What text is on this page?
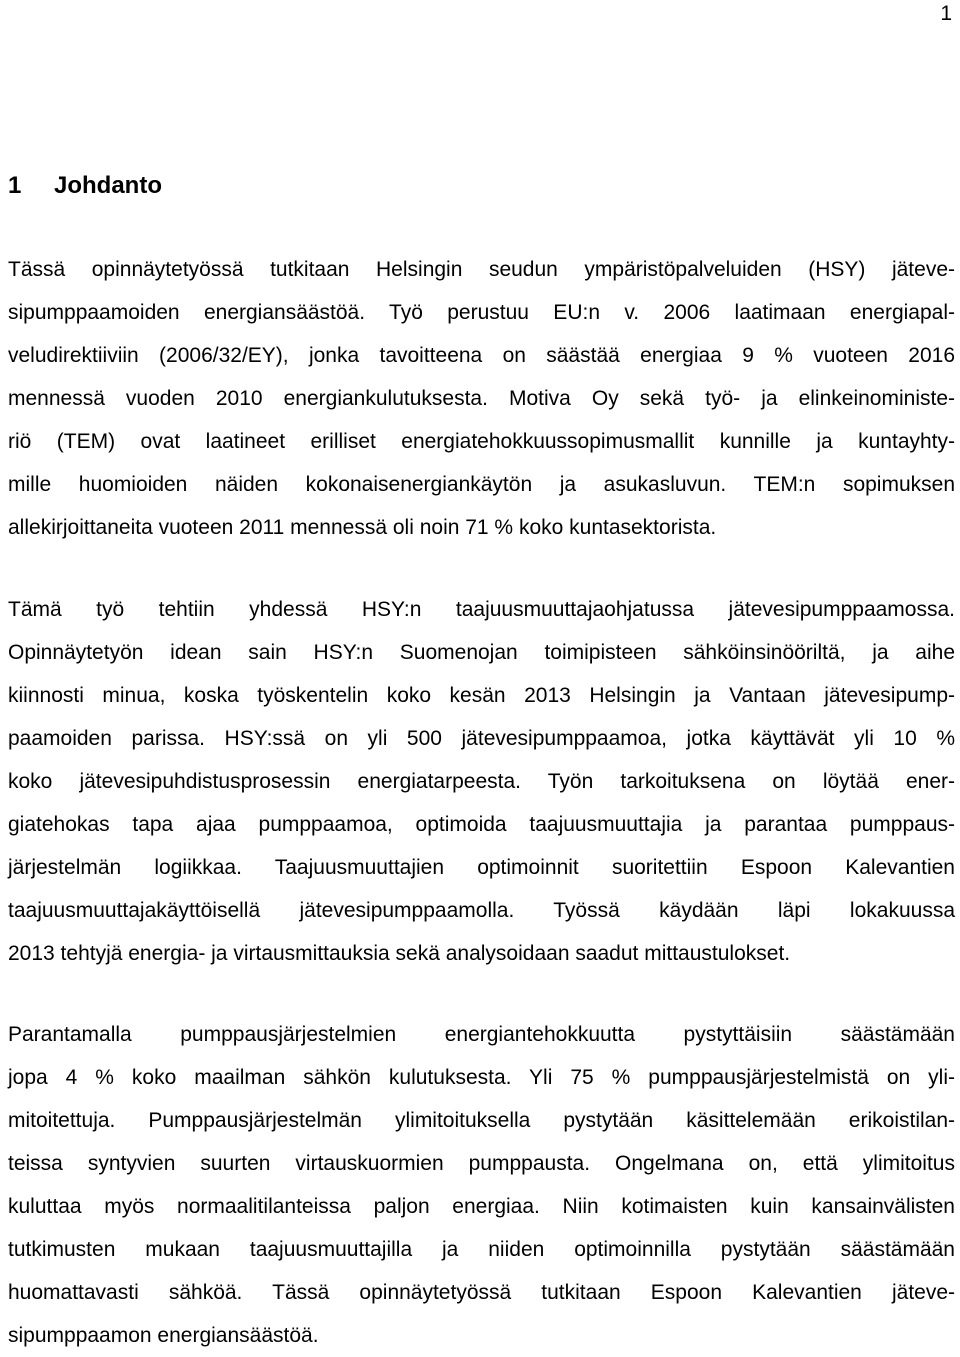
1
1 Johdanto
Tässä opinnäytetyössä tutkitaan Helsingin seudun ympäristöpalveluiden (HSY) jäteve-
sipumppaamoiden energiansäästöä. Työ perustuu EU:n v. 2006 laatimaan energiapal-
veludirektiiviin (2006/32/EY), jonka tavoitteena on säästää energiaa 9 % vuoteen 2016
mennessä vuoden 2010 energiankulutuksesta. Motiva Oy sekä työ- ja elinkeinoministe-
riö (TEM) ovat laatineet erilliset energiatehokkuussopimusmallit kunnille ja kuntayhty-
mille huomioiden näiden kokonaisenergiankäytön ja asukasluvun. TEM:n sopimuksen
allekirjoittaneita vuoteen 2011 mennessä oli noin 71 % koko kuntasektorista.
Tämä työ tehtiin yhdessä HSY:n taajuusmuuttajaohjatussa jätevesipumppaamossa.
Opinnäytetyön idean sain HSY:n Suomenojan toimipisteen sähköinsinööriltä, ja aihe
kiinnosti minua, koska työskentelin koko kesän 2013 Helsingin ja Vantaan jätevesipump-
paamoiden parissa. HSY:ssä on yli 500 jätevesipumppaamoa, jotka käyttävät yli 10 %
koko jätevesipuhdistusprosessin energiatarpeesta. Työn tarkoituksena on löytää ener-
giatehokas tapa ajaa pumppaamoa, optimoida taajuusmuuttajia ja parantaa pumppaus-
järjestelmän logiikkaa. Taajuusmuuttajien optimoinnit suoritettiin Espoon Kalevantien
taajuusmuuttajakäyttöisellä jätevesipumppaamolla. Työssä käydään läpi lokakuussa
2013 tehtyjä energia- ja virtausmittauksia sekä analysoidaan saadut mittaustulokset.
Parantamalla pumppausjärjestelmien energiantehokkuutta pystyttäisiin säästämään
jopa 4 % koko maailman sähkön kulutuksesta. Yli 75 % pumppausjärjestelmistä on yli-
mitoitettuja. Pumppausjärjestelmän ylimitoituksella pystytään käsittelemään erikoistilan-
teissa syntyvien suurten virtauskuormien pumppausta. Ongelmana on, että ylimitoitus
kuluttaa myös normaalitilanteissa paljon energiaa. Niin kotimaisten kuin kansainvälisten
tutkimusten mukaan taajuusmuuttajilla ja niiden optimoinnilla pystytään säästämään
huomattavasti sähköä. Tässä opinnäytetyössä tutkitaan Espoon Kalevantien jäteve-
sipumppaamon energiansäästöä.
